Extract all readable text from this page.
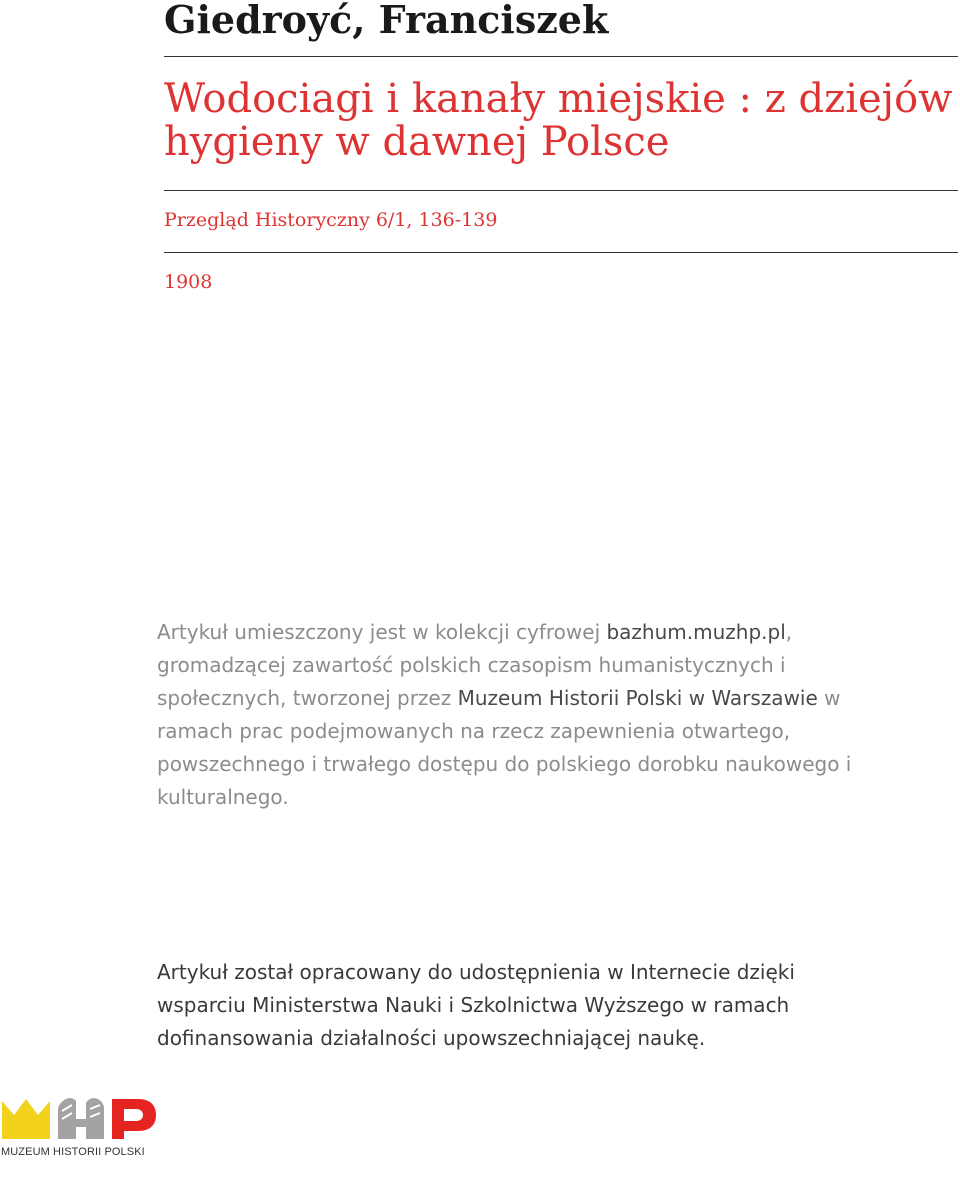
Giedroyć, Franciszek
Wodociagi i kanały miejskie : z dziejów hygieny w dawnej Polsce
Przegląd Historyczny 6/1, 136-139
1908

Artykuł umieszczony jest w kolekcji cyfrowej bazhum.muzhp.pl, gromadzącej zawartość polskich czasopism humanistycznych i społecznych, tworzonej przez Muzeum Historii Polski w Warszawie w ramach prac podejmowanych na rzecz zapewnienia otwartego, powszechnego i trwałego dostępu do polskiego dorobku naukowego i kulturalnego.

Artykuł został opracowany do udostępnienia w Internecie dzięki wsparciu Ministerstwa Nauki i Szkolnictwa Wyższego w ramach dofinansowania działalności upowszechniającej naukę.

MUZEUM HISTORII POLSKI
